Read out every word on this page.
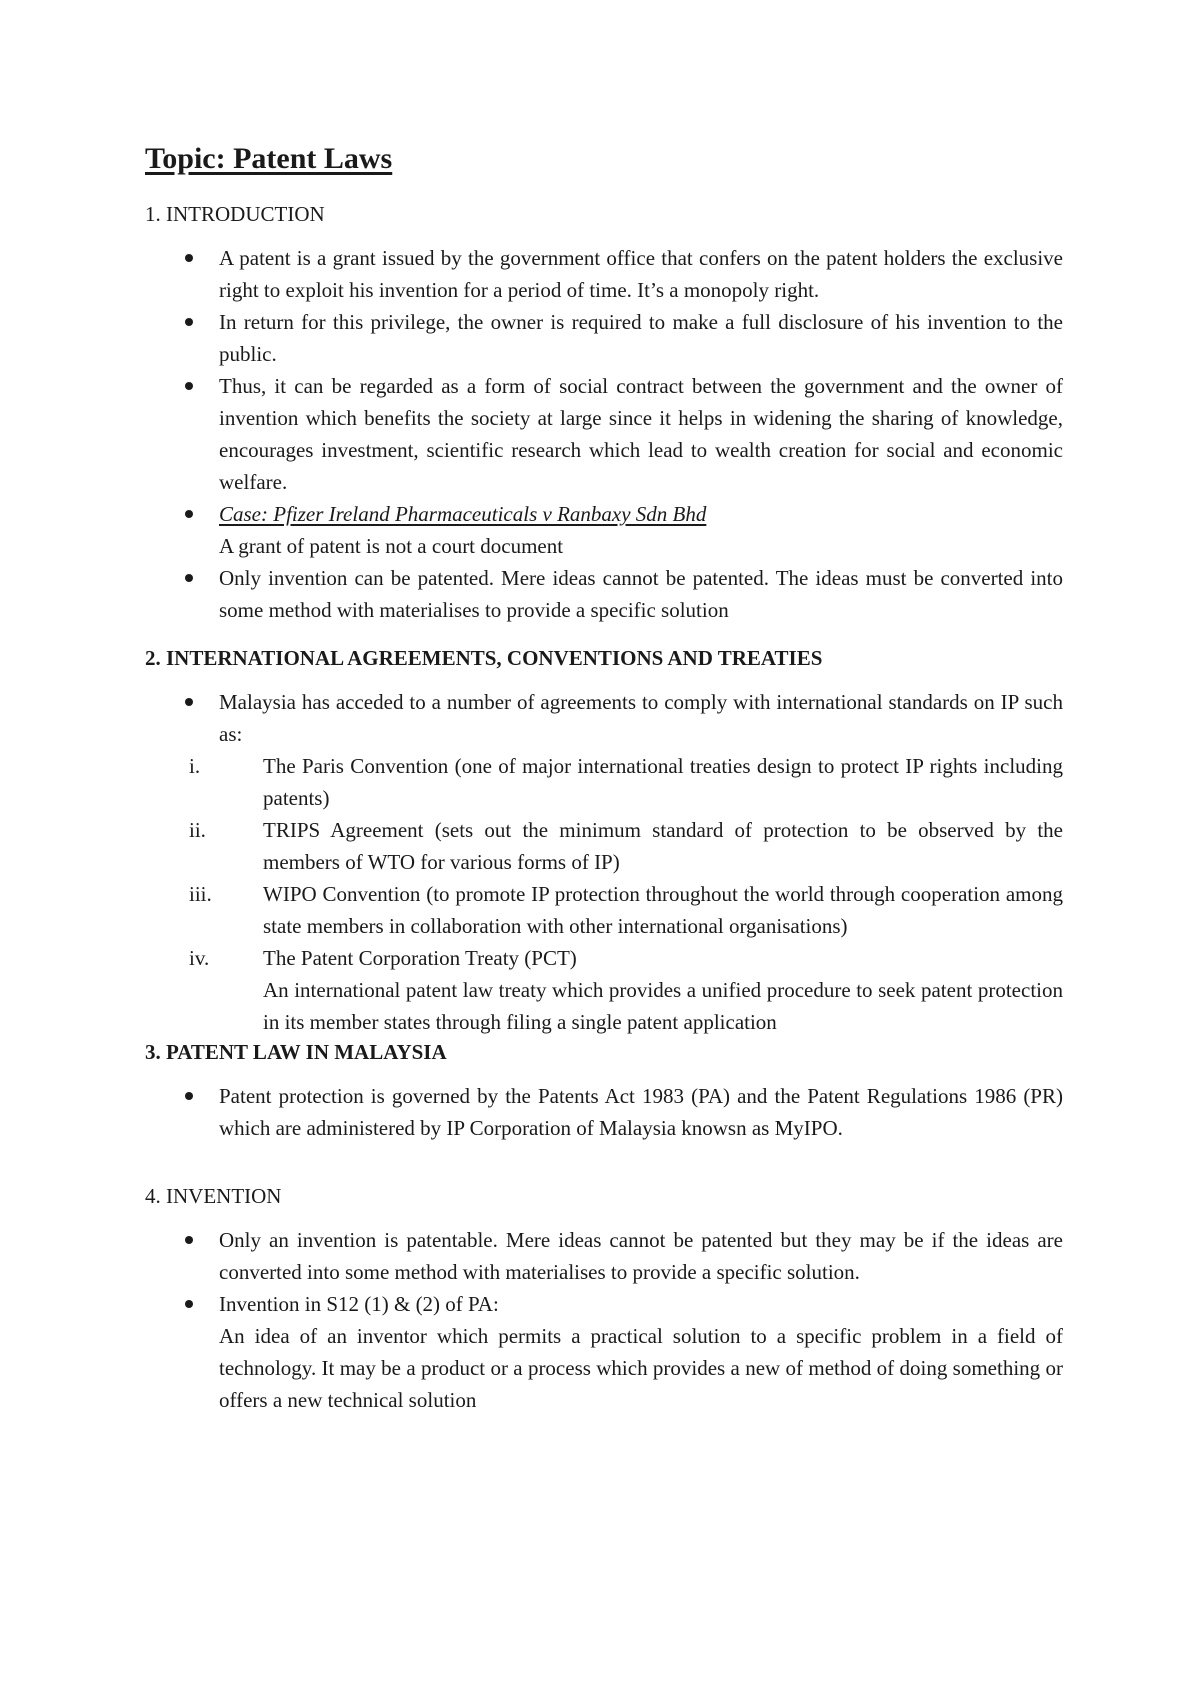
Topic: Patent Laws
1. INTRODUCTION
A patent is a grant issued by the government office that confers on the patent holders the exclusive right to exploit his invention for a period of time. It’s a monopoly right.
In return for this privilege, the owner is required to make a full disclosure of his invention to the public.
Thus, it can be regarded as a form of social contract between the government and the owner of invention which benefits the society at large since it helps in widening the sharing of knowledge, encourages investment, scientific research which lead to wealth creation for social and economic welfare.
Case: Pfizer Ireland Pharmaceuticals v Ranbaxy Sdn Bhd
A grant of patent is not a court document
Only invention can be patented. Mere ideas cannot be patented. The ideas must be converted into some method with materialises to provide a specific solution
2. INTERNATIONAL AGREEMENTS, CONVENTIONS AND TREATIES
Malaysia has acceded to a number of agreements to comply with international standards on IP such as:
i.	The Paris Convention (one of major international treaties design to protect IP rights including patents)
ii.	TRIPS Agreement (sets out the minimum standard of protection to be observed by the members of WTO for various forms of IP)
iii. WIPO Convention (to promote IP protection throughout the world through cooperation among state members in collaboration with other international organisations)
iv.	The Patent Corporation Treaty (PCT)
An international patent law treaty which provides a unified procedure to seek patent protection in its member states through filing a single patent application
3. PATENT LAW IN MALAYSIA
Patent protection is governed by the Patents Act 1983 (PA) and the Patent Regulations 1986 (PR) which are administered by IP Corporation of Malaysia knowsn as MyIPO.
4. INVENTION
Only an invention is patentable. Mere ideas cannot be patented but they may be if the ideas are converted into some method with materialises to provide a specific solution.
Invention in S12 (1) & (2) of PA:
An idea of an inventor which permits a practical solution to a specific problem in a field of technology. It may be a product or a process which provides a new of method of doing something or offers a new technical solution
